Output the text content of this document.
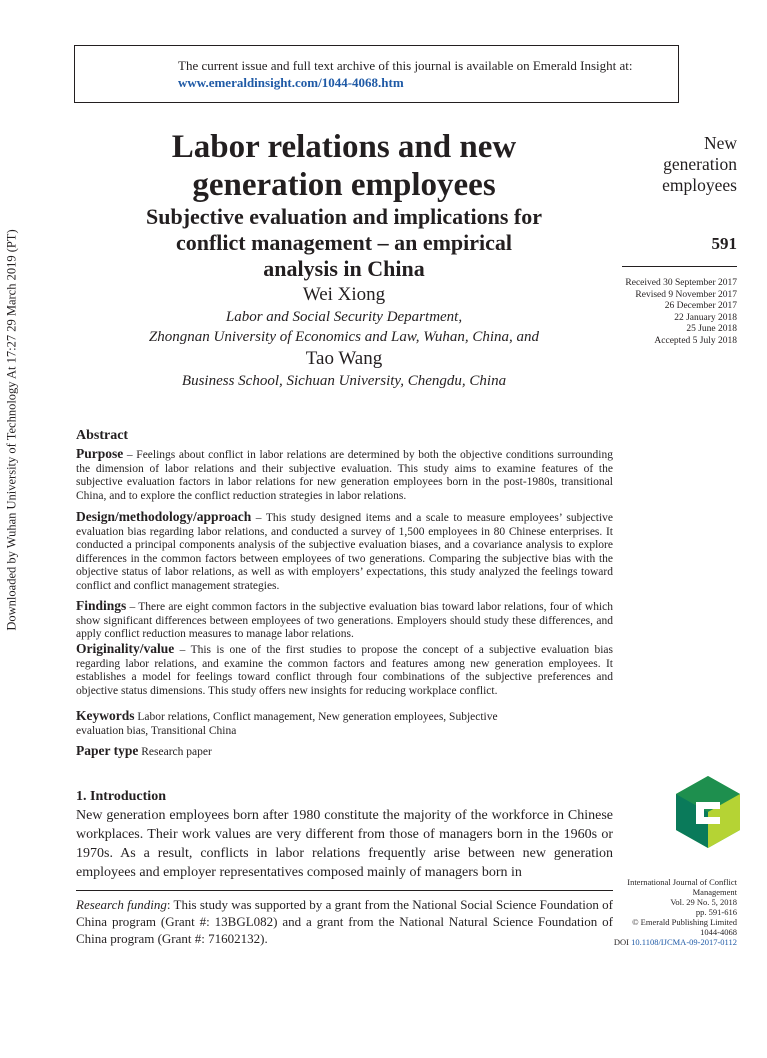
The current issue and full text archive of this journal is available on Emerald Insight at:
www.emeraldinsight.com/1044-4068.htm
Downloaded by Wuhan University of Technology At 17:27 29 March 2019 (PT)
Labor relations and new
generation employees
Subjective evaluation and implications for
conflict management – an empirical
analysis in China
Wei Xiong
Labor and Social Security Department,
Zhongnan University of Economics and Law, Wuhan, China, and
Tao Wang
Business School, Sichuan University, Chengdu, China
New
generation
employees
591
Received 30 September 2017
Revised 9 November 2017
26 December 2017
22 January 2018
25 June 2018
Accepted 5 July 2018
Abstract
Purpose – Feelings about conflict in labor relations are determined by both the objective conditions surrounding the dimension of labor relations and their subjective evaluation. This study aims to examine features of the subjective evaluation factors in labor relations for new generation employees born in the post-1980s, transitional China, and to explore the conflict reduction strategies in labor relations.
Design/methodology/approach – This study designed items and a scale to measure employees’ subjective evaluation bias regarding labor relations, and conducted a survey of 1,500 employees in 80 Chinese enterprises. It conducted a principal components analysis of the subjective evaluation biases, and a covariance analysis to explore differences in the common factors between employees of two generations. Comparing the subjective bias with the objective status of labor relations, as well as with employers’ expectations, this study analyzed the feelings toward conflict and conflict management strategies.
Findings – There are eight common factors in the subjective evaluation bias toward labor relations, four of which show significant differences between employees of two generations. Employers should study these differences, and apply conflict reduction measures to manage labor relations.
Originality/value – This is one of the first studies to propose the concept of a subjective evaluation bias regarding labor relations, and examine the common factors and features among new generation employees. It establishes a model for feelings toward conflict through four combinations of the subjective preferences and objective status dimensions. This study offers new insights for reducing workplace conflict.
Keywords Labor relations, Conflict management, New generation employees, Subjective evaluation bias, Transitional China
Paper type Research paper
1. Introduction
New generation employees born after 1980 constitute the majority of the workforce in Chinese workplaces. Their work values are very different from those of managers born in the 1960s or 1970s. As a result, conflicts in labor relations frequently arise between new generation employees and employer representatives composed mainly of managers born in
Research funding: This study was supported by a grant from the National Social Science Foundation of China program (Grant #: 13BGL082) and a grant from the National Natural Science Foundation of China program (Grant #: 71602132).
International Journal of Conflict
Management
Vol. 29 No. 5, 2018
pp. 591-616
© Emerald Publishing Limited
1044-4068
DOI 10.1108/IJCMA-09-2017-0112
